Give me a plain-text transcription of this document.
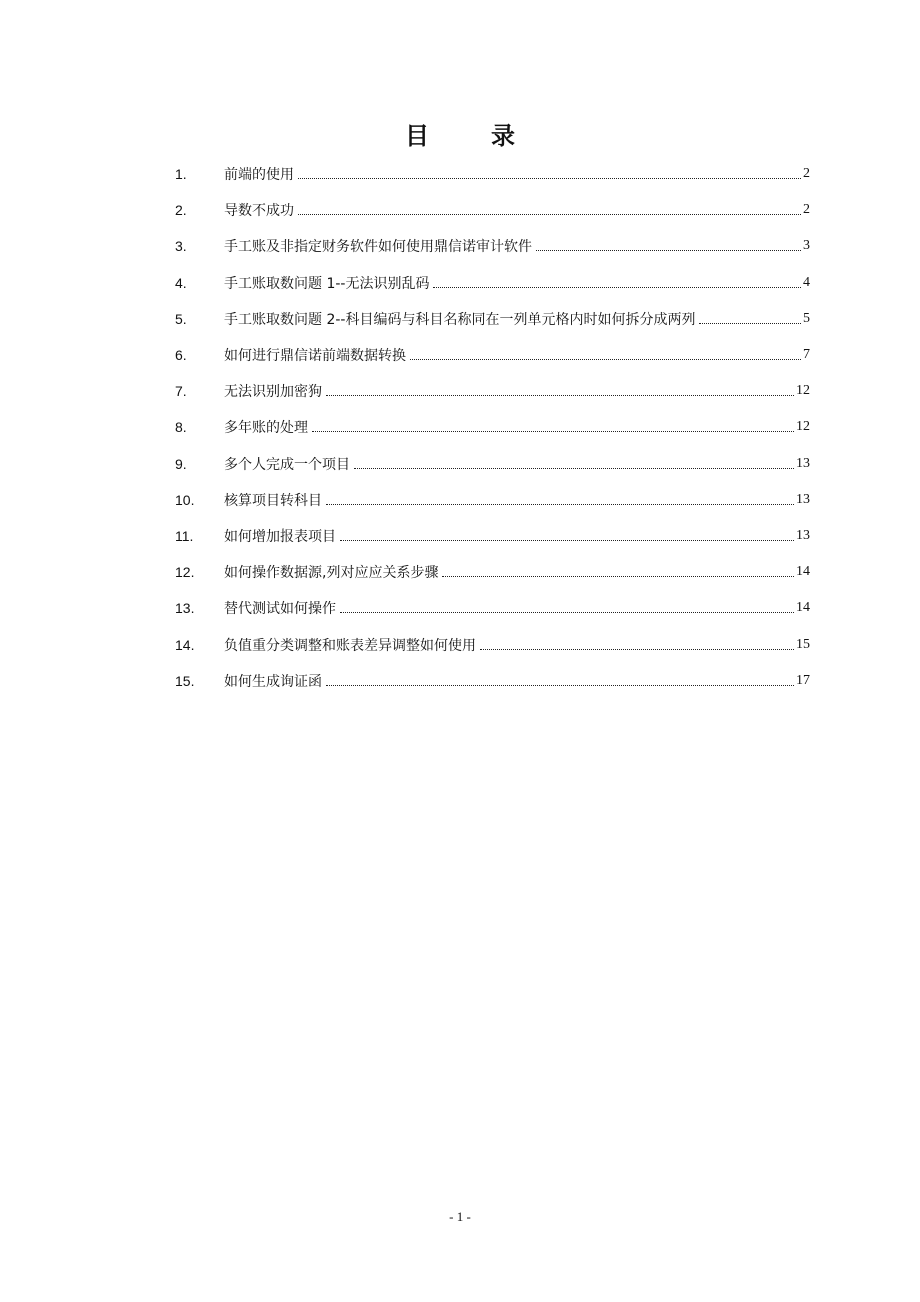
目	录
1.	前端的使用	2
2.	导数不成功	2
3.	手工账及非指定财务软件如何使用鼎信诺审计软件	3
4.	手工账取数问题 1--无法识别乱码	4
5.	手工账取数问题 2--科目编码与科目名称同在一列单元格内时如何拆分成两列	5
6.	如何进行鼎信诺前端数据转换	7
7.	无法识别加密狗	12
8.	多年账的处理	12
9.	多个人完成一个项目	13
10.	核算项目转科目	13
11.	如何增加报表项目	13
12.	如何操作数据源,列对应应关系步骤	14
13.	替代测试如何操作	14
14.	负值重分类调整和账表差异调整如何使用	15
15.	如何生成询证函	17
- 1 -
